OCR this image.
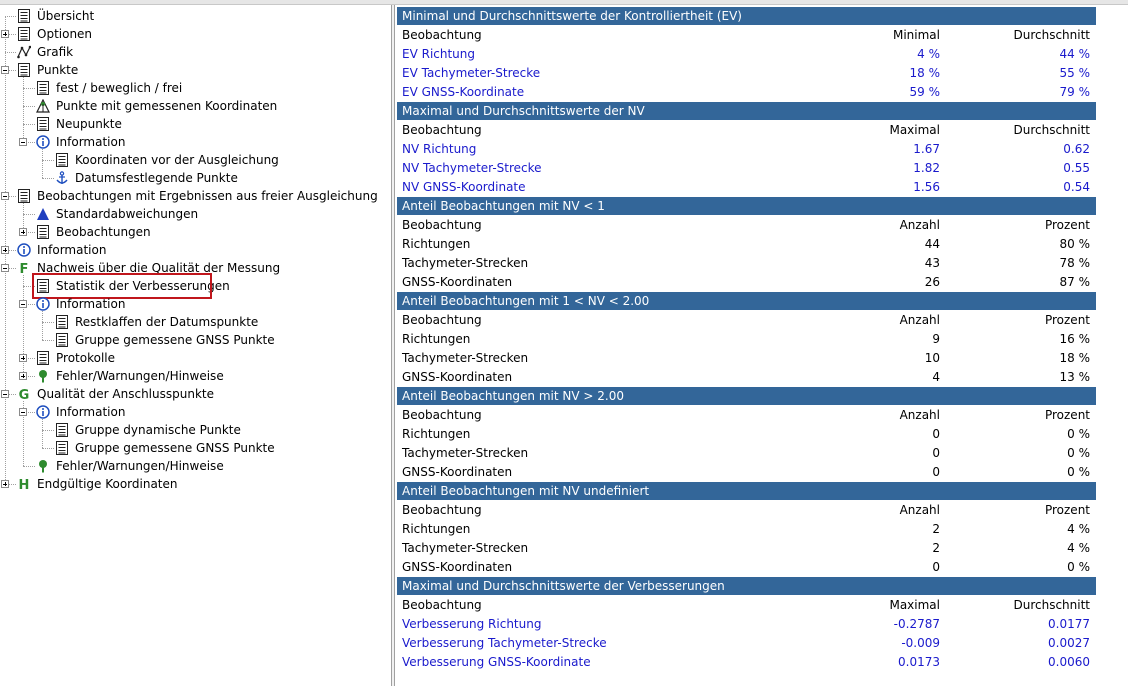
Übersicht
Optionen
Grafik
Punkte
fest / beweglich / frei
Punkte mit gemessenen Koordinaten
Neupunkte
Information
Koordinaten vor der Ausgleichung
Datumsfestlegende Punkte
Beobachtungen mit Ergebnissen aus freier Ausgleichung
Standardabweichungen
Beobachtungen
Information
F Nachweis über die Qualität der Messung
Statistik der Verbesserungen
Information
Restklaffen der Datumspunkte
Gruppe gemessene GNSS Punkte
Protokolle
Fehler/Warnungen/Hinweise
G Qualität der Anschlusspunkte
Information
Gruppe dynamische Punkte
Gruppe gemessene GNSS Punkte
Fehler/Warnungen/Hinweise
H Endgültige Koordinaten
Minimal und Durchschnittswerte der Kontrolliertheit (EV)
Beobachtung	Minimal	Durchschnitt
EV Richtung	4 %	44 %
EV Tachymeter-Strecke	18 %	55 %
EV GNSS-Koordinate	59 %	79 %
Maximal und Durchschnittswerte der NV
Beobachtung	Maximal	Durchschnitt
NV Richtung	1.67	0.62
NV Tachymeter-Strecke	1.82	0.55
NV GNSS-Koordinate	1.56	0.54
Anteil Beobachtungen mit NV < 1
Beobachtung	Anzahl	Prozent
Richtungen	44	80 %
Tachymeter-Strecken	43	78 %
GNSS-Koordinaten	26	87 %
Anteil Beobachtungen mit 1 < NV < 2.00
Beobachtung	Anzahl	Prozent
Richtungen	9	16 %
Tachymeter-Strecken	10	18 %
GNSS-Koordinaten	4	13 %
Anteil Beobachtungen mit NV > 2.00
Beobachtung	Anzahl	Prozent
Richtungen	0	0 %
Tachymeter-Strecken	0	0 %
GNSS-Koordinaten	0	0 %
Anteil Beobachtungen mit NV undefiniert
Beobachtung	Anzahl	Prozent
Richtungen	2	4 %
Tachymeter-Strecken	2	4 %
GNSS-Koordinaten	0	0 %
Maximal und Durchschnittswerte der Verbesserungen
Beobachtung	Maximal	Durchschnitt
Verbesserung Richtung	-0.2787	0.0177
Verbesserung Tachymeter-Strecke	-0.009	0.0027
Verbesserung GNSS-Koordinate	0.0173	0.0060
